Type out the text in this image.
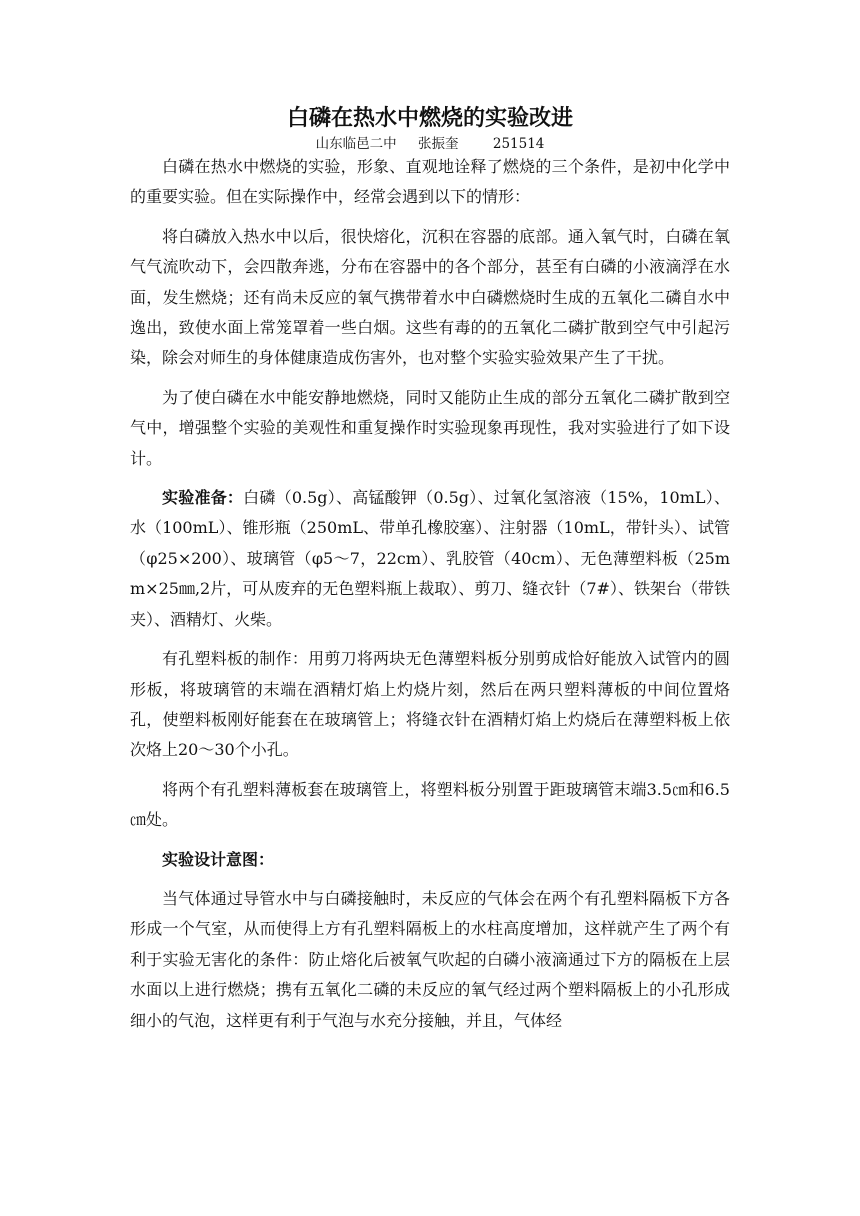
白磷在热水中燃烧的实验改进
山东临邑二中     张振奎        251514

白磷在热水中燃烧的实验，形象、直观地诠释了燃烧的三个条件，是初中化学中的重要实验。但在实际操作中，经常会遇到以下的情形：

将白磷放入热水中以后，很快熔化，沉积在容器的底部。通入氧气时，白磷在氧气气流吹动下，会四散奔逃，分布在容器中的各个部分，甚至有白磷的小液滴浮在水面，发生燃烧；还有尚未反应的氧气携带着水中白磷燃烧时生成的五氧化二磷自水中逸出，致使水面上常笼罩着一些白烟。这些有毒的的五氧化二磷扩散到空气中引起污染，除会对师生的身体健康造成伤害外，也对整个实验实验效果产生了干扰。

为了使白磷在水中能安静地燃烧，同时又能防止生成的部分五氧化二磷扩散到空气中，增强整个实验的美观性和重复操作时实验现象再现性，我对实验进行了如下设计。

实验准备：白磷（0.5g）、高锰酸钾（0.5g）、过氧化氢溶液（15%，10mL）、水（100mL）、锥形瓶（250mL、带单孔橡胶塞）、注射器（10mL，带针头）、试管（φ25×200）、玻璃管（φ5～7，22cm）、乳胶管（40cm）、无色薄塑料板（25mm×25㎜,2片，可从废弃的无色塑料瓶上裁取）、剪刀、缝衣针（7#）、铁架台（带铁夹）、酒精灯、火柴。

有孔塑料板的制作：用剪刀将两块无色薄塑料板分别剪成恰好能放入试管内的圆形板，将玻璃管的末端在酒精灯焰上灼烧片刻，然后在两只塑料薄板的中间位置烙孔，使塑料板刚好能套在在玻璃管上；将缝衣针在酒精灯焰上灼烧后在薄塑料板上依次烙上20～30个小孔。

将两个有孔塑料薄板套在玻璃管上，将塑料板分别置于距玻璃管末端3.5㎝和6.5㎝处。

实验设计意图：

当气体通过导管水中与白磷接触时，未反应的气体会在两个有孔塑料隔板下方各形成一个气室，从而使得上方有孔塑料隔板上的水柱高度增加，这样就产生了两个有利于实验无害化的条件：防止熔化后被氧气吹起的白磷小液滴通过下方的隔板在上层水面以上进行燃烧；携有五氧化二磷的未反应的氧气经过两个塑料隔板上的小孔形成细小的气泡，这样更有利于气泡与水充分接触，并且，气体经
